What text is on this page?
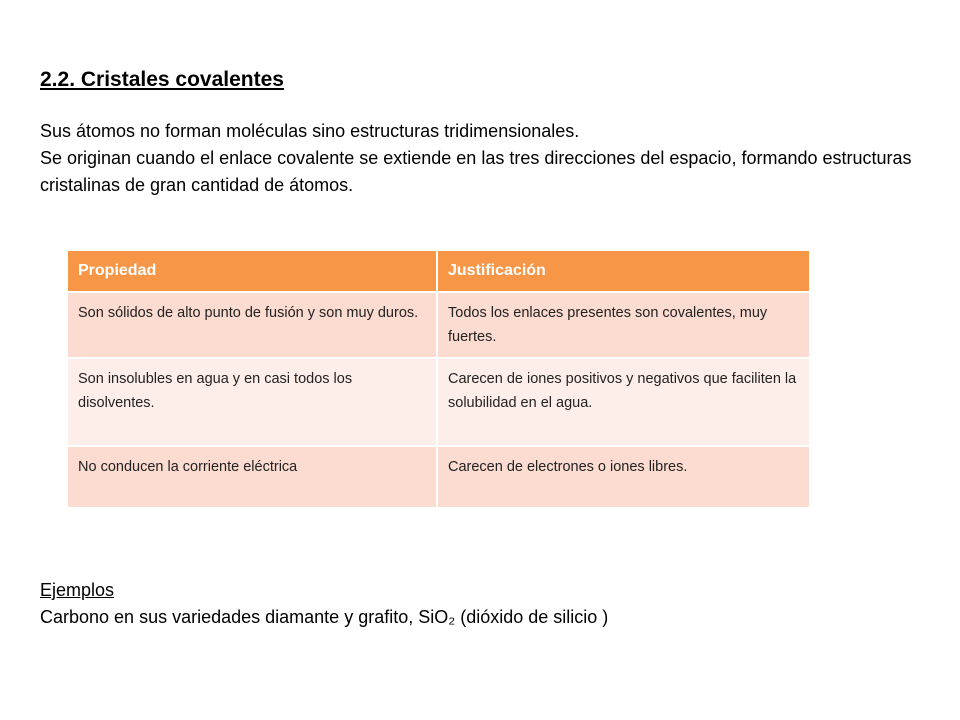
2.2. Cristales covalentes

Sus átomos no forman moléculas sino estructuras tridimensionales.

Se originan cuando el enlace covalente se extiende en las tres direcciones del espacio, formando estructuras cristalinas de gran cantidad de átomos.

Propiedad	Justificación
Son sólidos de alto punto de fusión y son muy duros.	Todos los enlaces presentes son covalentes, muy fuertes.
Son insolubles en agua y en casi todos los disolventes.	Carecen de iones positivos y negativos que faciliten la solubilidad en el agua.
No conducen la corriente eléctrica	Carecen de electrones o iones libres.
Ejemplos
Carbono en sus variedades diamante y grafito, SiO₂ (dióxido de silicio )
